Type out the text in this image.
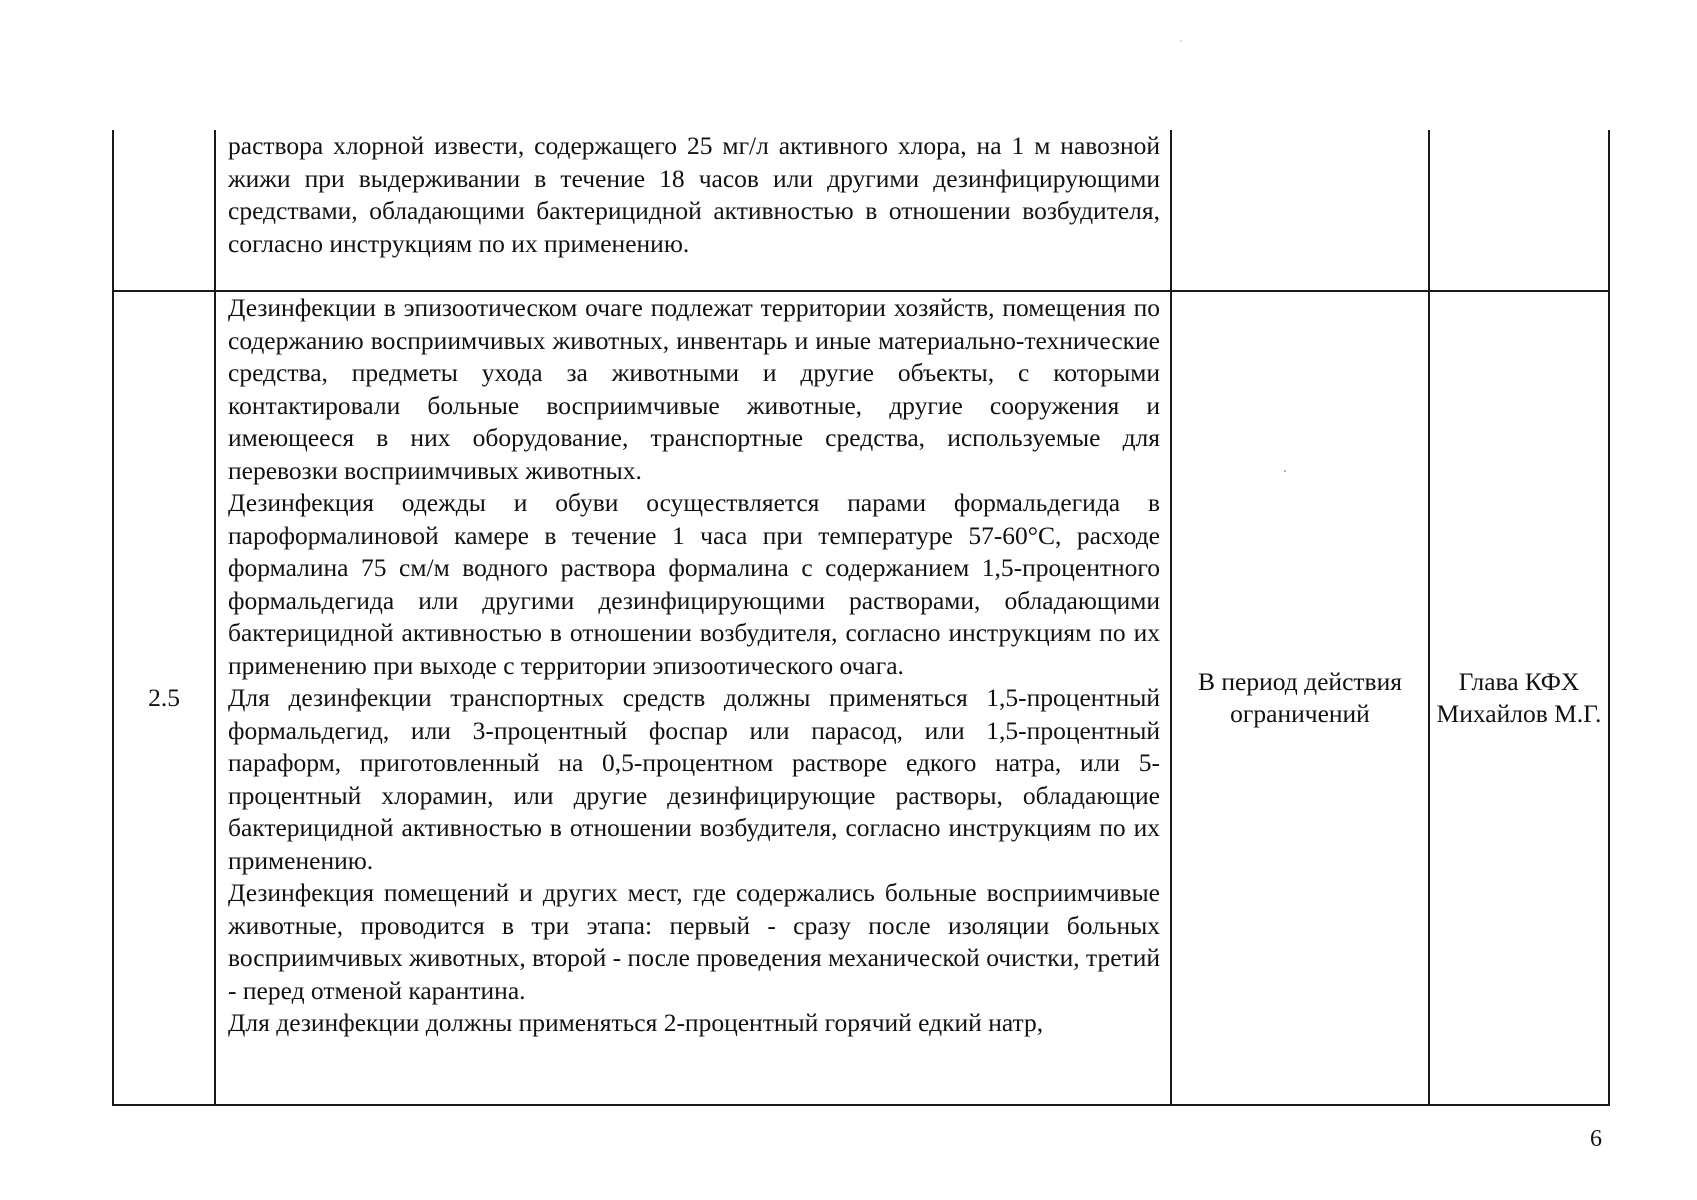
	раствора хлорной извести, содержащего 25 мг/л активного хлора, на 1 м навозной жижи при выдерживании в течение 18 часов или другими дезинфицирующими средствами, обладающими бактерицидной активностью в отношении возбудителя, согласно инструкциям по их применению.		

2.5	Дезинфекции в эпизоотическом очаге подлежат территории хозяйств, помещения по содержанию восприимчивых животных, инвентарь и иные материально-технические средства, предметы ухода за животными и другие объекты, с которыми контактировали больные восприимчивые животные, другие сооружения и имеющееся в них оборудование, транспортные средства, используемые для перевозки восприимчивых животных.
Дезинфекция одежды и обуви осуществляется парами формальдегида в пароформалиновой камере в течение 1 часа при температуре 57-60°С, расходе формалина 75 см/м водного раствора формалина с содержанием 1,5-процентного формальдегида или другими дезинфицирующими растворами, обладающими бактерицидной активностью в отношении возбудителя, согласно инструкциям по их применению при выходе с территории эпизоотического очага.
Для дезинфекции транспортных средств должны применяться 1,5-процентный формальдегид, или 3-процентный фоспар или парасод, или 1,5-процентный параформ, приготовленный на 0,5-процентном растворе едкого натра, или 5-процентный хлорамин, или другие дезинфицирующие растворы, обладающие бактерицидной активностью в отношении возбудителя, согласно инструкциям по их применению.
Дезинфекция помещений и других мест, где содержались больные восприимчивые животные, проводится в три этапа: первый - сразу после изоляции больных восприимчивых животных, второй - после проведения механической очистки, третий - перед отменой карантина.
Для дезинфекции должны применяться 2-процентный горячий едкий натр,	В период действия ограничений	Глава КФХ Михайлов М.Г.
6
